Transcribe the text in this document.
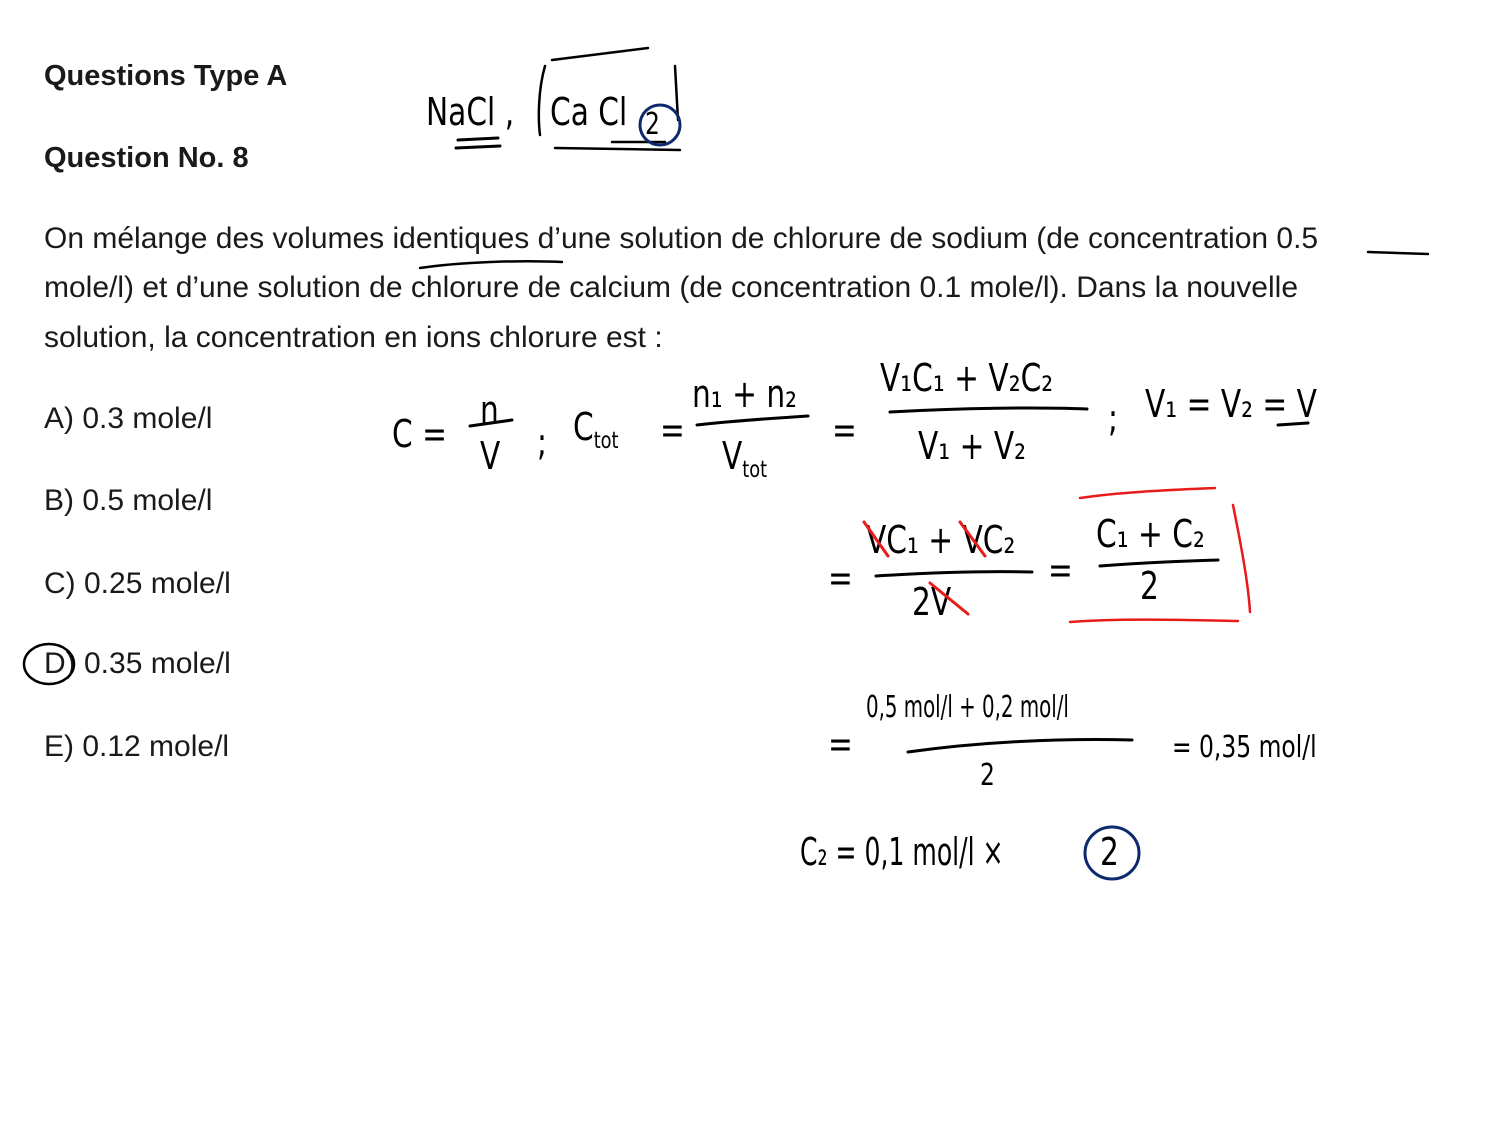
Questions Type A
Question No. 8
On mélange des volumes identiques d’une solution de chlorure de sodium (de concentration 0.5
mole/l) et d’une solution de chlorure de calcium (de concentration 0.1 mole/l). Dans la nouvelle
solution, la concentration en ions chlorure est :
A) 0.3 mole/l
B) 0.5 mole/l
C) 0.25 mole/l
D) 0.35 mole/l
E) 0.12 mole/l
NaCl , Ca Cl 2
C =
n
V ; $C_{tot}$ =
n₁ + n₂
$V_{tot}$
=
V₁C₁ + V₂C₂
V₁ + V₂
; V₁ = V₂ = V
=
VC₁ + VC₂
2V
=
C₁ + C₂
2
=
0,5 mol/l + 0,2 mol/l
2
= 0,35 mol/l
C₂ = 0,1 mol/l ×	2
